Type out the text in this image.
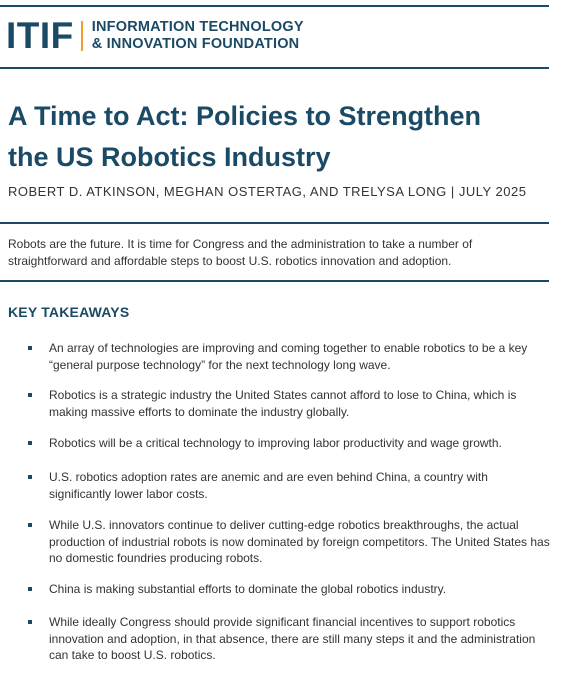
ITIF INFORMATION TECHNOLOGY
& INNOVATION FOUNDATION
A Time to Act: Policies to Strengthen
the US Robotics Industry
ROBERT D. ATKINSON, MEGHAN OSTERTAG, AND TRELYSA LONG | JULY 2025
Robots are the future. It is time for Congress and the administration to take a number of straightforward and affordable steps to boost U.S. robotics innovation and adoption.
KEY TAKEAWAYS
An array of technologies are improving and coming together to enable robotics to be a key “general purpose technology” for the next technology long wave.
Robotics is a strategic industry the United States cannot afford to lose to China, which is making massive efforts to dominate the industry globally.
Robotics will be a critical technology to improving labor productivity and wage growth.
U.S. robotics adoption rates are anemic and are even behind China, a country with significantly lower labor costs.
While U.S. innovators continue to deliver cutting-edge robotics breakthroughs, the actual production of industrial robots is now dominated by foreign competitors. The United States has no domestic foundries producing robots.
China is making substantial efforts to dominate the global robotics industry.
While ideally Congress should provide significant financial incentives to support robotics innovation and adoption, in that absence, there are still many steps it and the administration can take to boost U.S. robotics.
